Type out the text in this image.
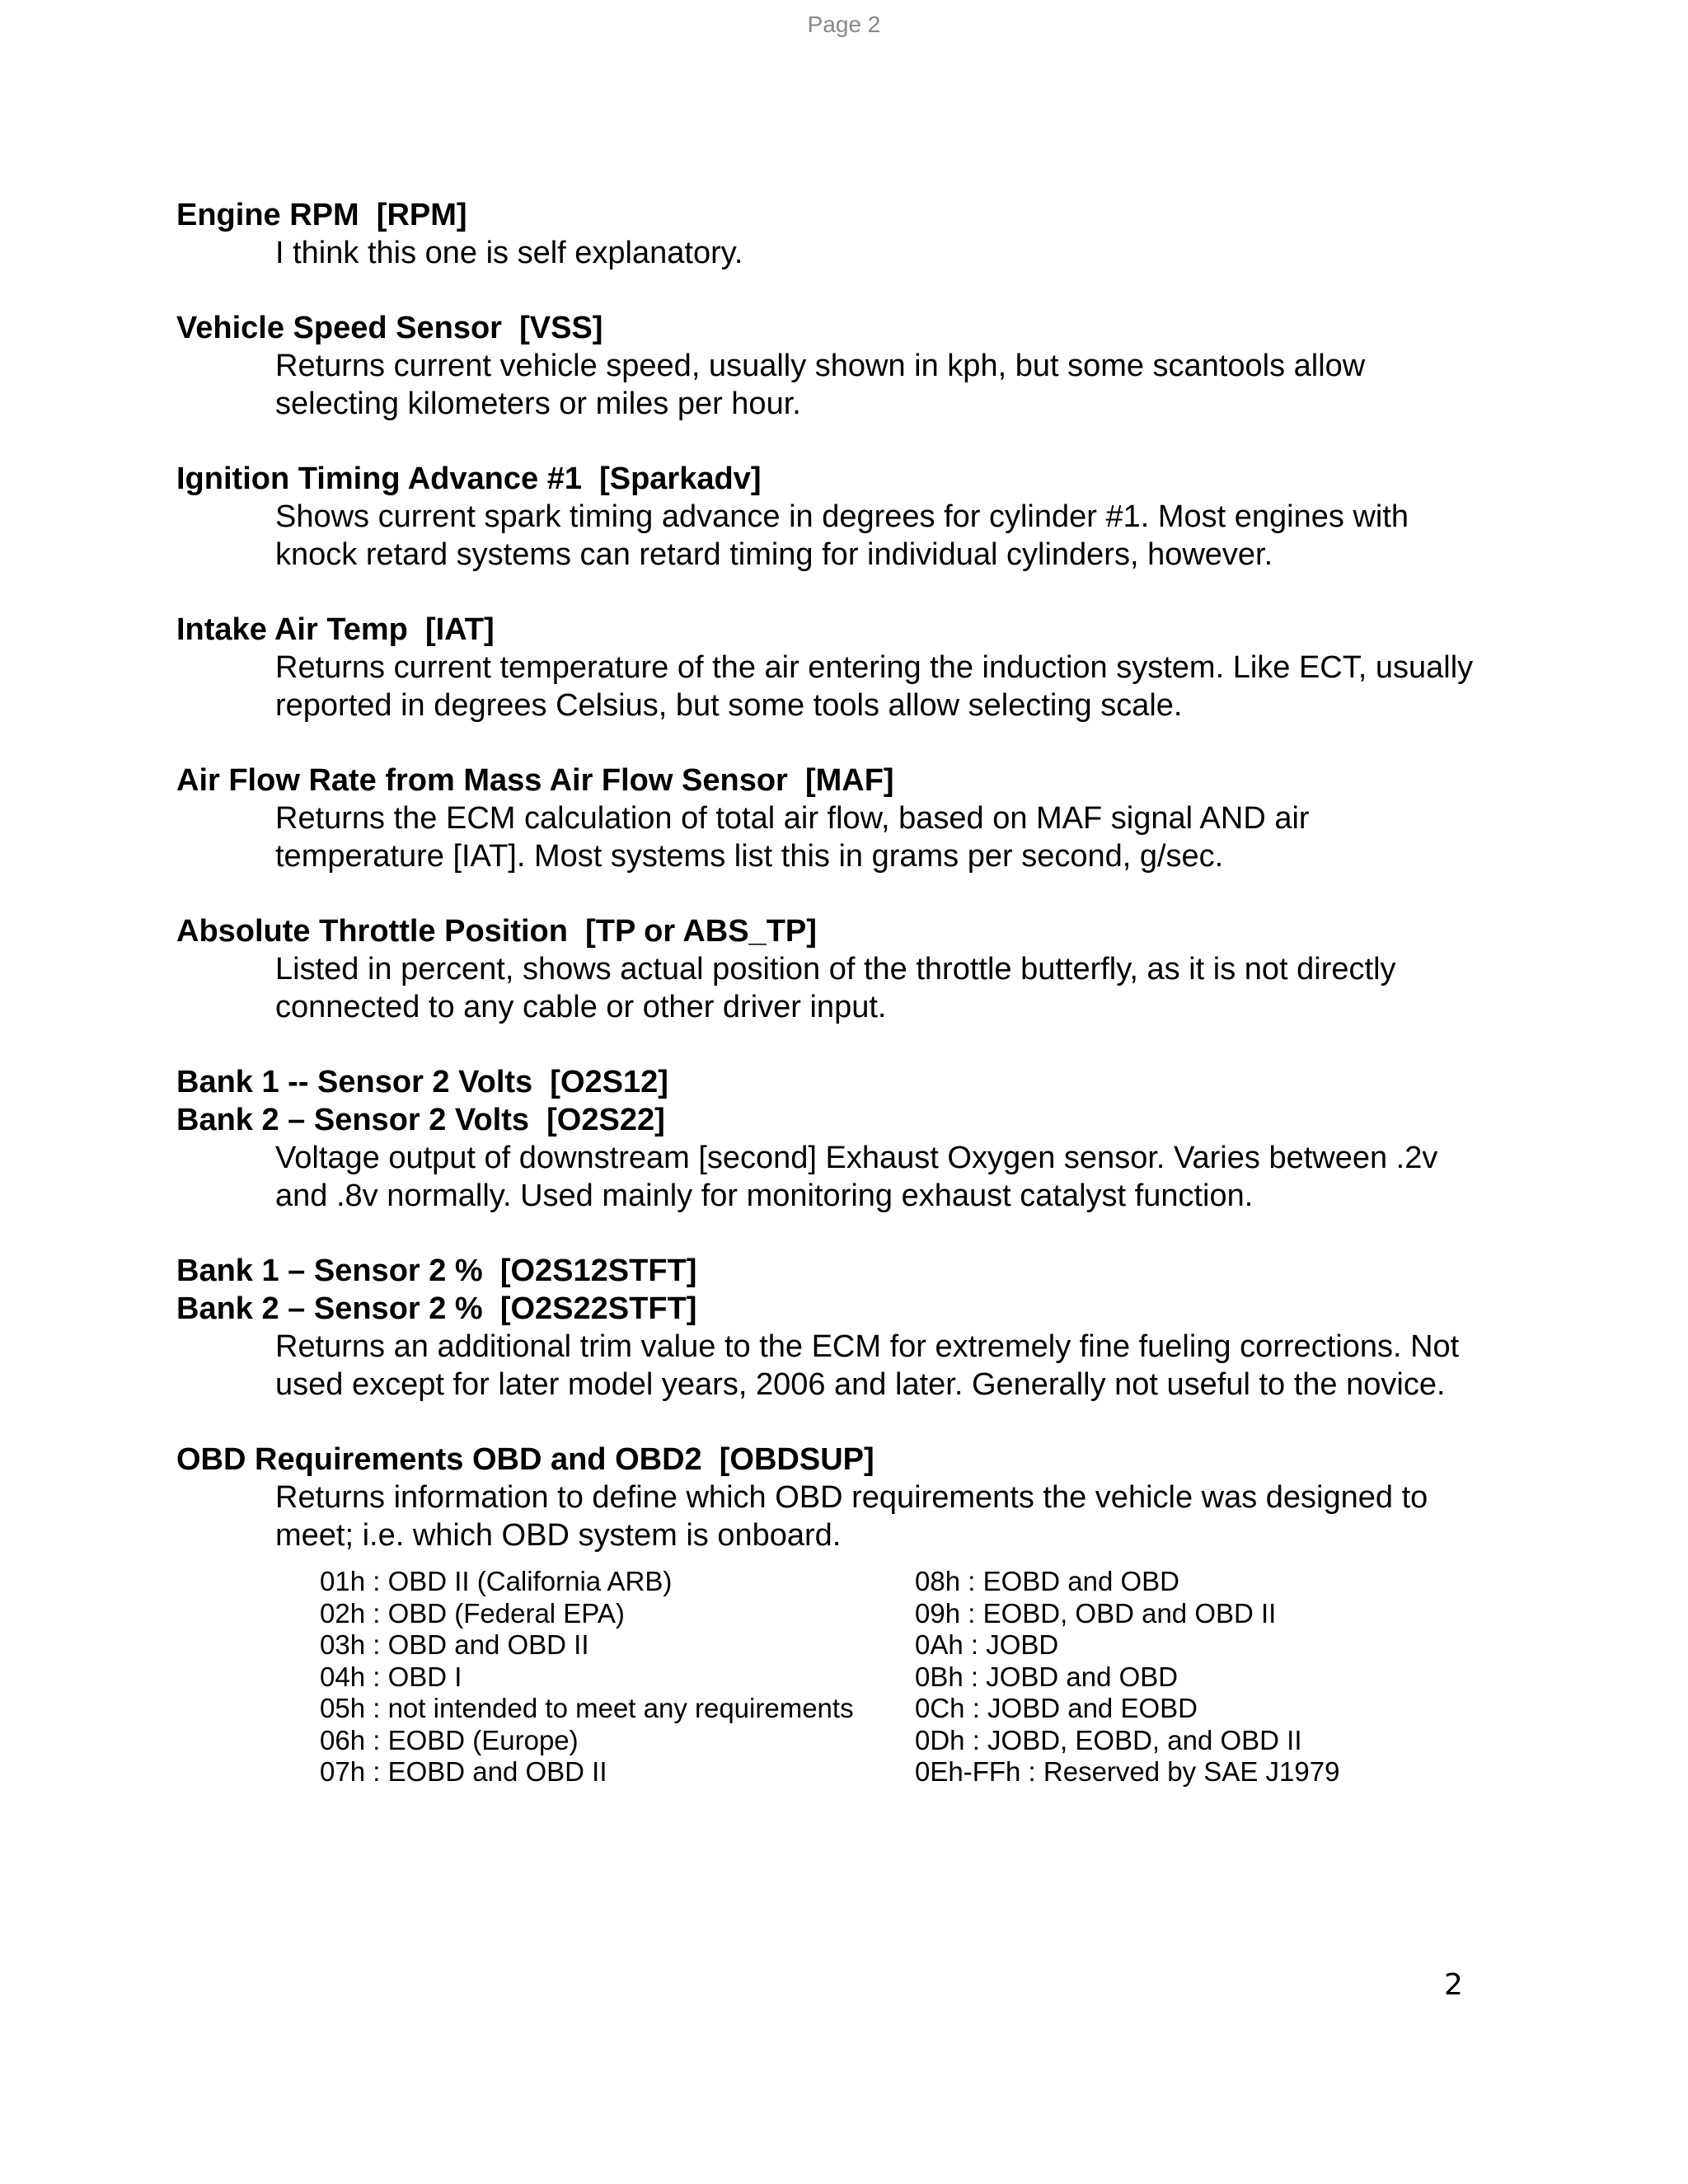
Page 2
Engine RPM  [RPM]
I think this one is self explanatory.
Vehicle Speed Sensor  [VSS]
Returns current vehicle speed, usually shown in kph, but some scantools allow selecting kilometers or miles per hour.
Ignition Timing Advance #1  [Sparkadv]
Shows current spark timing advance in degrees for cylinder #1. Most engines with knock retard systems can retard timing for individual cylinders, however.
Intake Air Temp  [IAT]
Returns current temperature of the air entering the induction system. Like ECT, usually reported in degrees Celsius, but some tools allow selecting scale.
Air Flow Rate from Mass Air Flow Sensor  [MAF]
Returns the ECM calculation of total air flow, based on MAF signal AND air temperature [IAT]. Most systems list this in grams per second, g/sec.
Absolute Throttle Position  [TP or ABS_TP]
Listed in percent, shows actual position of the throttle butterfly, as it is not directly connected to any cable or other driver input.
Bank 1 -- Sensor 2 Volts  [O2S12]
Bank 2 – Sensor 2 Volts  [O2S22]
Voltage output of downstream [second] Exhaust Oxygen sensor. Varies between .2v and .8v normally. Used mainly for monitoring exhaust catalyst function.
Bank 1 – Sensor 2 %  [O2S12STFT]
Bank 2 – Sensor 2 %  [O2S22STFT]
Returns an additional trim value to the ECM for extremely fine fueling corrections. Not used except for later model years, 2006 and later. Generally not useful to the novice.
OBD Requirements OBD and OBD2  [OBDSUP]
Returns information to define which OBD requirements the vehicle was designed to meet; i.e. which OBD system is onboard.
01h : OBD II (California ARB)
02h : OBD (Federal EPA)
03h : OBD and OBD II
04h : OBD I
05h : not intended to meet any requirements
06h : EOBD (Europe)
07h : EOBD and OBD II
08h : EOBD and OBD
09h : EOBD, OBD and OBD II
0Ah : JOBD
0Bh : JOBD and OBD
0Ch : JOBD and EOBD
0Dh : JOBD, EOBD, and OBD II
0Eh-FFh : Reserved by SAE J1979
2
